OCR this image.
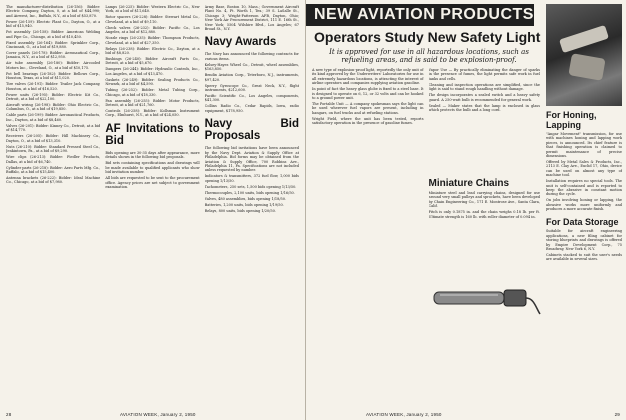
The manufacturer-distribution (26-156): Bidder: Electric Company, Dayton, 0, at a bid of $44,990; and Airwest, Inc., Buffalo, N.Y., at a bid of $53,870.

Power (26-159): Electric Plant Co., Dayton, O., at a bid of $15,940.

Pot assembly (26-158): Bidder: American Welding and Pipe Co., Chicago, at a bid of $10,450.

Fixed assembly (26-164): Bidder: Sprinkler Corp., Cincinnati, O., at a bid of $19,880.

Cover panels (26-178): Bidder: Aeronautical Corp., Jamaica, N.Y., at a bid of $12,950.

Air tube assembly (26-180): Bidder: Aircooled Motors Inc., Cleveland, O., at a bid of $10,175.

Pot bell bearings (26-182): Bidder: Bellows Corp., Houston, Texas, at a bid of $11,020.

Tire valves (26-191): Bidder: Trailer Jack Company, Houston, at a bid of $16,520.

Power units (26-195): Bidder: Electric Kit Co., Detroit, at a bid of $22,100.

Aircraft wiring (26-198): Bidder: Ohio Electric Co., Columbus, O., at a bid of $19,850.

Cable parts (26-199): Bidder: Aeronautical Products, Inc., Dayton, at a bid of $8,460.

Valves (26-201): Bidder: Kinney Co., Detroit, at a bid of $14,770.

Receivers (26-205): Bidder: Hill Machinery Co., Dayton, O., at a bid of $13,310.

Nuts (26-210): Bidder: Standard Pressed Steel Co., Jenkintown, Pa., at a bid of $9,290.

Wire clips (26-213): Bidder: Fiedler Products, Dallas, at a bid of $6,740.

Cylinder parts (26-218): Bidder: Aero Parts Mfg. Co., Buffalo, at a bid of $15,400.

Antenna brackets (26-222): Bidder: Ideal Machine Co., Chicago, at a bid of $7,980.

Lamps (26-225): Bidder: Western Electric Co., New York, at a bid of $11,640.

Rotor spacers (26-228): Bidder: Stewart Metal Co., Cleveland, at a bid of $9,110.

Check valves (26-232): Bidder: Pacific Co., Los Angeles, at a bid of $12,880.

Nozzle rings (26-235): Bidder: Thompson Products, Cleveland, at a bid of $27,350.

Relays (26-238): Bidder: Electric Co., Dayton, at a bid of $8,820.

Bushings (26-240): Bidder: Aircraft Parts Co., Detroit, at a bid of $5,670.

Dampers (26-244): Bidder: Hydraulic Controls, Inc., Los Angeles, at a bid of $13,470.

Gaskets (26-249): Bidder: Sealing Products Co., Newark, at a bid of $4,590.

Tubing (26-252): Bidder: Metal Tubing Corp., Chicago, at a bid of $18,330.

Fan assembly (26-255): Bidder: Motor Products, Detroit, at a bid of $21,760.

Controls (26-258): Bidder: Kollsman Instrument Corp., Elmhurst, N.Y., at a bid of $24,050.

AF Invitations to Bid

Bids opening are 30-35 days after appearance, more details shown in the following bid proposals.

Bid sets containing specifications and drawings will be made available to qualified applicants who show bid invitation number.

All bids are requested to be sent to the procurement office. Agency prices are net subject to government examination.

Army Base, Boston 10, Mass.; Government Aircraft Plant No. 4, Ft. Worth 1, Tex.; 39 S. LaSalle St., Chicago 3; Wright-Patterson AFB, Dayton, Ohio; New York Air Procurement District, 111 E. 16th St., New York; 5504 Wilshire Blvd., Los Angeles; 67 Broad St., N.Y.

Navy Awards

The Navy has announced the following contracts for various items.

Kelsey-Hayes Wheel Co., Detroit, wheel assemblies, $163,850.

Bendix Aviation Corp., Teterboro, N.J., instruments, $97,420.

Sperry Gyroscope Co., Great Neck, N.Y., flight instruments, $212,600.

Pacific Scientific Co., Los Angeles, components, $41,300.

Collins Radio Co., Cedar Rapids, Iowa, radio equipment, $178,950.

Navy Bid Proposals

The following bid invitations have been announced by the Navy Dept. Aviation & Supply Office at Philadelphia. Bid forms may be obtained from the Aviation & Supply Office, 700 Robbins Ave., Philadelphia 11, Pa. Specifications are not included unless requested by number.

Indicators & transmitters, 372 fuel flow, 1,000 bids opening 1/13/50.

Tachometers, 250 sets, 1,500 bids opening 1/13/50.

Thermocouples, 2,100 units, bids opening 1/16/50.

Valves, 480 assemblies, bids opening 1/18/50.

Batteries, 1,200 units, bids opening 1/19/50.

Relays, 800 units, bids opening 1/20/50.

28	AVIATION WEEK, January 2, 1950
NEW AVIATION PRODUCTS
Operators Study New Safety Light
It is approved for use in all hazardous locations, such as refueling areas, and is said to be explosion-proof.

A new type of explosion-proof light, reportedly the only unit of its kind approved by the Underwriters' Laboratories for use in all extremely hazardous locations, is attracting the interest of airline operators and companies supplying aviation gasoline.

In point of fact the heavy glass globe is fixed to a steel base. It is designed to operate on 6, 12, or 32 volts and can be hooked to a ground power unit.

The Portable Unit — A company spokesman says the light can be used wherever fuel vapors are present, including in hangars, on fuel trucks and at refueling stations.

Wright Field, where the unit has been tested, reports satisfactory operation in the presence of gasoline fumes.

Vapor Use — By practically eliminating the danger of sparks in the presence of fumes, the light permits safe work in fuel tanks and cells.

Cleaning and inspection operations are simplified, since the light is said to stand rough handling without damage.

The design incorporates a sealed switch and a heavy safety guard. A 250-watt bulb is recommended for general work.

Sealed — Maker states that the lamp is enclosed in glass which protects the bulb and a long cord.

Miniature Chains

Miniature steel and lead carrying chains, designed for use around very small pulleys and sprockets, have been developed by Chain Engineering Co., 171 E. Montrose Ave., Santa Clara, Calif.

Pitch is only 0.1875 in. and the chain weighs 0.18 lb. per ft. Ultimate strength is 160 lb. with roller diameter of 0.094 in.

For Honing, Lapping

"Angar Movement" transmission, for use with machines honing and lapping work pieces, is announced. Its chief feature is that finishing operation is claimed to permit maintenance of precise dimensions.

Offered by Metal Sales & Products, Inc., 2113 E. Clay Ave., Euclid 17, Ohio, device can be used on almost any type of machine tool.

Installation requires no special tools. The unit is self-contained and is reported to keep the abrasive in constant motion during the cycle.

On jobs involving honing or lapping, the abrasive works more uniformly and produces a more accurate finish.

For Data Storage

Suitable for aircraft engineering applications, a new filing cabinet for storing blueprints and drawings is offered by Empire Development Corp., 75 Broadway, New York 6, N.Y.

Cabinets stacked to suit the user's needs are available in several sizes.

AVIATION WEEK, January 2, 1950	29
